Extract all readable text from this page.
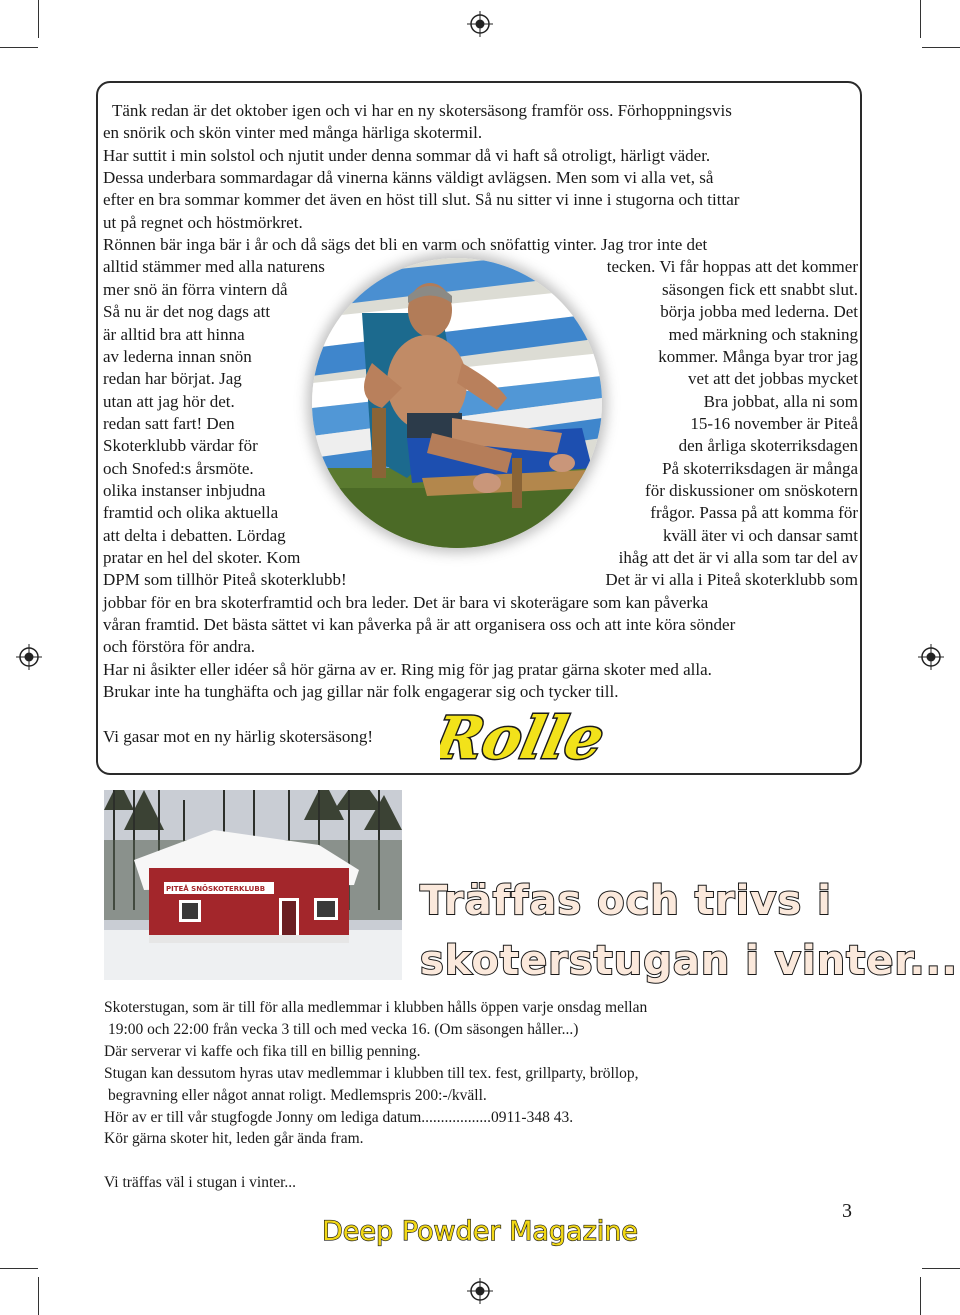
Tänk redan är det oktober igen och vi har en ny skotersäsong framför oss. Förhoppningsvis
en snörik och skön vinter med många härliga skotermil.
Har suttit i min solstol och njutit under denna sommar då vi haft så otroligt, härligt väder.
Dessa underbara sommardagar då vinerna känns väldigt avlägsen. Men som vi alla vet, så
efter en bra sommar kommer det även en höst till slut. Så nu sitter vi inne i stugorna och tittar
ut på regnet och höstmörkret.
Rönnen bär inga bär i år och då sägs det bli en varm och snöfattig vinter. Jag tror inte det
alltid stämmer med alla naturens	tecken. Vi får hoppas att det kommer
mer snö än förra vintern då	säsongen fick ett snabbt slut.
Så nu är det nog dags att	börja jobba med lederna. Det
är alltid bra att hinna	med märkning och stakning
av lederna innan snön	kommer. Många byar tror jag
redan har börjat. Jag	vet att det jobbas mycket
utan att jag hör det.	Bra jobbat, alla ni som
redan satt fart! Den	15-16 november är Piteå
Skoterklubb värdar för	den årliga skoterriksdagen
och Snofed:s årsmöte.	På skoterriksdagen är många
olika instanser inbjudna	för diskussioner om snöskotern
framtid och olika aktuella	frågor. Passa på att komma för
att delta i debatten. Lördag	kväll äter vi och dansar samt
pratar en hel del skoter. Kom	ihåg att det är vi alla som tar del av
DPM som tillhör Piteå skoterklubb!	Det är vi alla i Piteå skoterklubb som
jobbar för en bra skoterframtid och bra leder. Det är bara vi skoterägare som kan påverka
våran framtid. Det bästa sättet vi kan påverka på är att organisera oss och att inte köra sönder
och förstöra för andra.
Har ni åsikter eller idéer så hör gärna av er. Ring mig för jag pratar gärna skoter med alla.
Brukar inte ha tunghäfta och jag gillar när folk engagerar sig och tycker till.
Vi gasar mot en ny härlig skotersäsong! Rolle
PITEÅ SNÖSKOTERKLUBB	Träffas och trivs i
skoterstugan i vinter...
Skoterstugan, som är till för alla medlemmar i klubben hålls öppen varje onsdag mellan
19:00 och 22:00 från vecka 3 till och med vecka 16. (Om säsongen håller...)
Där serverar vi kaffe och fika till en billig penning.
Stugan kan dessutom hyras utav medlemmar i klubben till tex. fest, grillparty, bröllop,
begravning eller något annat roligt. Medlemspris 200:-/kväll.
Hör av er till vår stugfogde Jonny om lediga datum..................0911-348 43.
Kör gärna skoter hit, leden går ända fram.
Vi träffas väl i stugan i vinter...
3
Deep Powder Magazine
